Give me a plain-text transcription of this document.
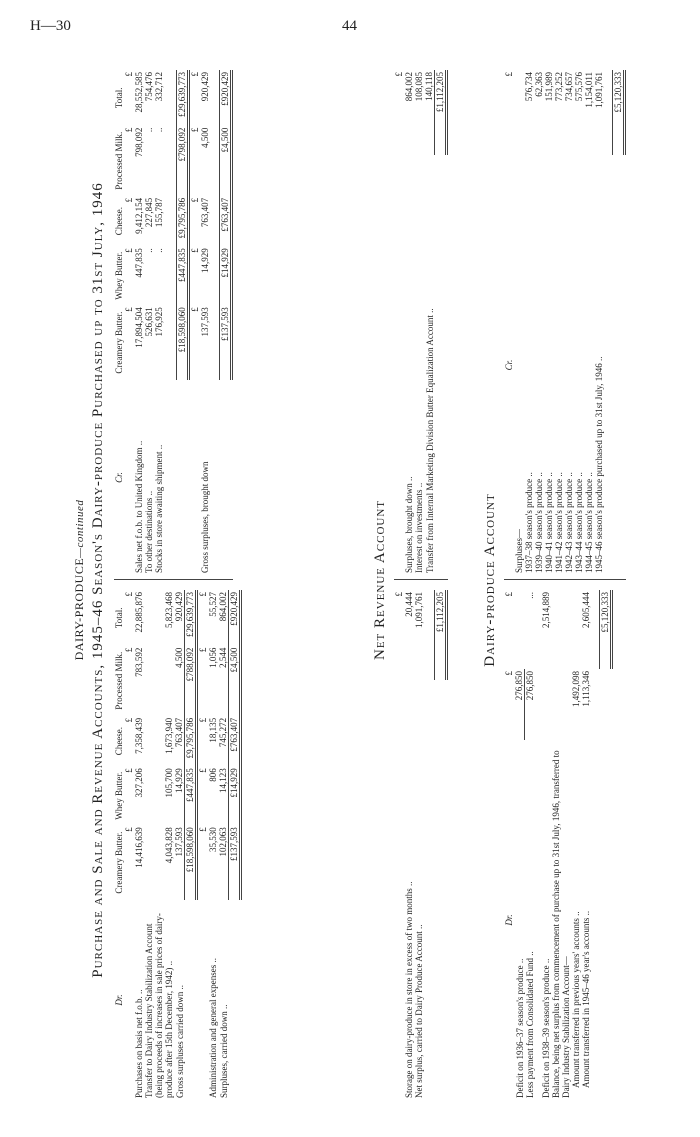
H—30	44
DAIRY-PRODUCE—continued Purchase and Sale and Revenue Accounts, 1945–46 Season's Dairy-produce Purchased up to 31st July, 1946
Dr.	Creamery Butter.	Whey Butter.	Cheese.	Processed Milk.	Total.
	£	£	£	£	£
Purchases on basis net f.o.b. ..	14,416,639	327,206	7,358,439	783,592	22,885,876
Transfer to Dairy Industry Stabilization Account (being proceeds of increases in sale prices of dairy-produce after 15th December, 1942) ..	4,043,828	105,700	1,673,940		5,823,468
Gross surpluses carried down ..	137,593	14,929	763,407	4,500	920,429
	£18,598,060	£447,835	£9,795,786	£788,092	£29,639,773
	£	£	£	£	£
Administration and general expenses ..	35,530	806	18,135	1,056	55,527
Surpluses, carried down ..	102,063	14,123	745,272	2,544	864,002
	£137,593	£14,929	£763,407	£4,500	£920,429
Cr.	Creamery Butter.	Whey Butter.	Cheese.	Processed Milk.	Total.
	£	£	£	£	£
Sales net f.o.b. to United Kingdom ..	17,894,504	447,835	9,412,154	798,092	28,552,585
To other destinations ..	526,631	..	227,845	..	754,476
Stocks in store awaiting shipment ..	176,925	..	155,787	..	332,712

	£18,598,060	£447,835	£9,795,786	£798,092	£29,639,773
	£	£	£	£	£
Gross surpluses, brought down	137,593	14,929	763,407	4,500	920,429

	£137,593	£14,929	£763,407	£4,500	£920,429
Net Revenue Account
	£
Storage on dairy-produce in store in excess of two months ..	20,444
Net surplus, carried to Dairy Produce Account ..	1,091,761

	£1,112,205
	£
Surpluses, brought down ..	864,002
Interest on investments ..	108,085
Transfer from Internal Marketing Division Butter Equalization Account ..	140,118
	£1,112,205
Dairy-produce Account
Dr.	£	£
Deficit on 1936–37 season's produce ..	276,850	
Less payment from Consolidated Fund ..	276,850	...

Deficit on 1938–39 season's produce ..		2,514,889
Balance, being net surplus from commencement of purchase up to 31st July, 1946, transferred to Dairy Industry Stabilization Account—		
Amount transferred in previous years' accounts ..	1,492,098	
Amount transferred in 1945–46 year's accounts ..	1,113,346	2,605,444

		£5,120,333
Cr.	£
Surpluses—	
1937–38 season's produce ..	576,734
1939–40 season's produce ..	62,363
1940–41 season's produce ..	151,989
1941–42 season's produce ..	773,252
1942–43 season's produce ..	734,657
1943–44 season's produce ..	575,576
1944–45 season's produce ..	1,154,011
1945–46 season's produce purchased up to 31st July, 1946 ..	1,091,761

	£5,120,333
